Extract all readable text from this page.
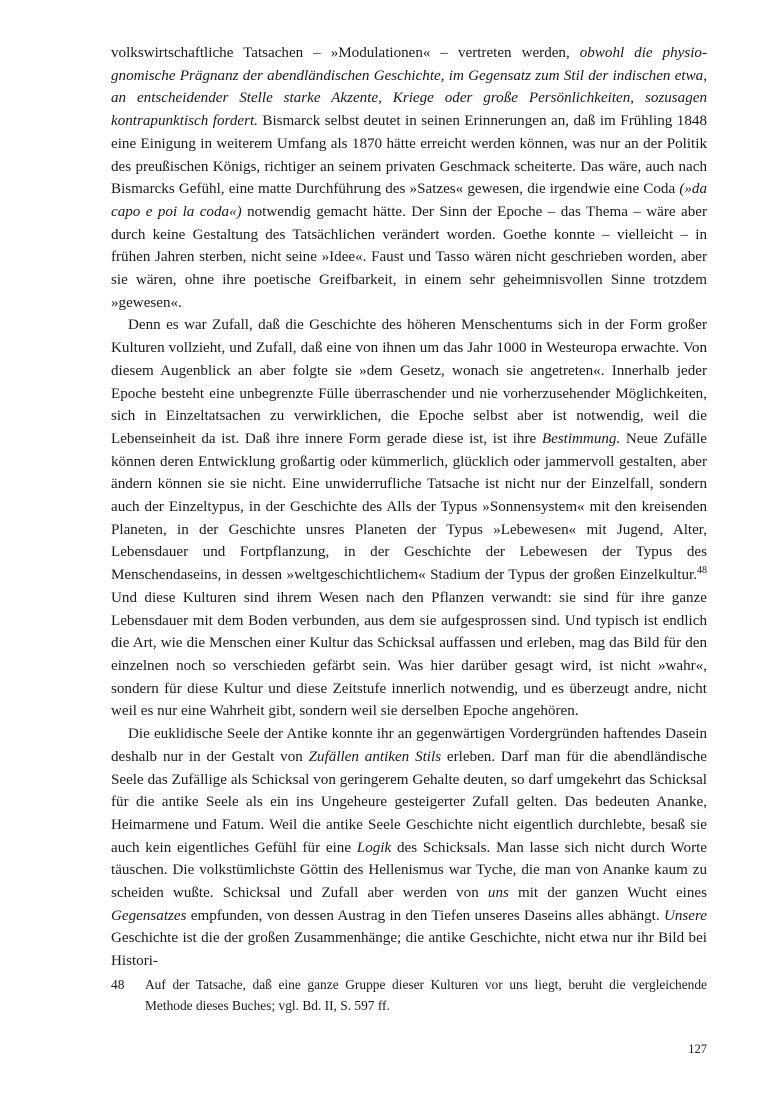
volkswirtschaftliche Tatsachen – »Modulationen« – vertreten werden, obwohl die physiognomische Prägnanz der abendländischen Geschichte, im Gegensatz zum Stil der indischen etwa, an entscheidender Stelle starke Akzente, Kriege oder große Persönlichkeiten, sozusagen kontrapunktisch fordert. Bismarck selbst deutet in seinen Erinnerungen an, daß im Frühling 1848 eine Einigung in weiterem Umfang als 1870 hätte erreicht werden können, was nur an der Politik des preußischen Königs, richtiger an seinem privaten Geschmack scheiterte. Das wäre, auch nach Bismarcks Gefühl, eine matte Durchführung des »Satzes« gewesen, die irgendwie eine Coda (»da capo e poi la coda«) notwendig gemacht hätte. Der Sinn der Epoche – das Thema – wäre aber durch keine Gestaltung des Tatsächlichen verändert worden. Goethe konnte – vielleicht – in frühen Jahren sterben, nicht seine »Idee«. Faust und Tasso wären nicht geschrieben worden, aber sie wären, ohne ihre poetische Greifbarkeit, in einem sehr geheimnisvollen Sinne trotzdem »gewesen«.

Denn es war Zufall, daß die Geschichte des höheren Menschentums sich in der Form großer Kulturen vollzieht, und Zufall, daß eine von ihnen um das Jahr 1000 in Westeuropa erwachte. Von diesem Augenblick an aber folgte sie »dem Gesetz, wonach sie angetreten«. Innerhalb jeder Epoche besteht eine unbegrenzte Fülle überraschender und nie vorherzusehender Möglichkeiten, sich in Einzeltatsachen zu verwirklichen, die Epoche selbst aber ist notwendig, weil die Lebenseinheit da ist. Daß ihre innere Form gerade diese ist, ist ihre Bestimmung. Neue Zufälle können deren Entwicklung großartig oder kümmerlich, glücklich oder jammervoll gestalten, aber ändern können sie sie nicht. Eine unwiderrufliche Tatsache ist nicht nur der Einzelfall, sondern auch der Einzeltypus, in der Geschichte des Alls der Typus »Sonnensystem« mit den kreisenden Planeten, in der Geschichte unsres Planeten der Typus »Lebewesen« mit Jugend, Alter, Lebensdauer und Fortpflanzung, in der Geschichte der Lebewesen der Typus des Menschendaseins, in dessen »weltgeschichtlichem« Stadium der Typus der großen Einzelkultur.$^{48}$ Und diese Kulturen sind ihrem Wesen nach den Pflanzen verwandt: sie sind für ihre ganze Lebensdauer mit dem Boden verbunden, aus dem sie aufgesprossen sind. Und typisch ist endlich die Art, wie die Menschen einer Kultur das Schicksal auffassen und erleben, mag das Bild für den einzelnen noch so verschieden gefärbt sein. Was hier darüber gesagt wird, ist nicht »wahr«, sondern für diese Kultur und diese Zeitstufe innerlich notwendig, und es überzeugt andre, nicht weil es nur eine Wahrheit gibt, sondern weil sie derselben Epoche angehören.

Die euklidische Seele der Antike konnte ihr an gegenwärtigen Vordergründen haftendes Dasein deshalb nur in der Gestalt von Zufällen antiken Stils erleben. Darf man für die abendländische Seele das Zufällige als Schicksal von geringerem Gehalte deuten, so darf umgekehrt das Schicksal für die antike Seele als ein ins Ungeheure gesteigerter Zufall gelten. Das bedeuten Ananke, Heimarmene und Fatum. Weil die antike Seele Geschichte nicht eigentlich durchlebte, besaß sie auch kein eigentliches Gefühl für eine Logik des Schicksals. Man lasse sich nicht durch Worte täuschen. Die volkstümlichste Göttin des Hellenismus war Tyche, die man von Ananke kaum zu scheiden wußte. Schicksal und Zufall aber werden von uns mit der ganzen Wucht eines Gegensatzes empfunden, von dessen Austrag in den Tiefen unseres Daseins alles abhängt. Unsere Geschichte ist die der großen Zusammenhänge; die antike Geschichte, nicht etwa nur ihr Bild bei Histori-

48	Auf der Tatsache, daß eine ganze Gruppe dieser Kulturen vor uns liegt, beruht die vergleichende Methode dieses Buches; vgl. Bd. II, S. 597 ff.
127
